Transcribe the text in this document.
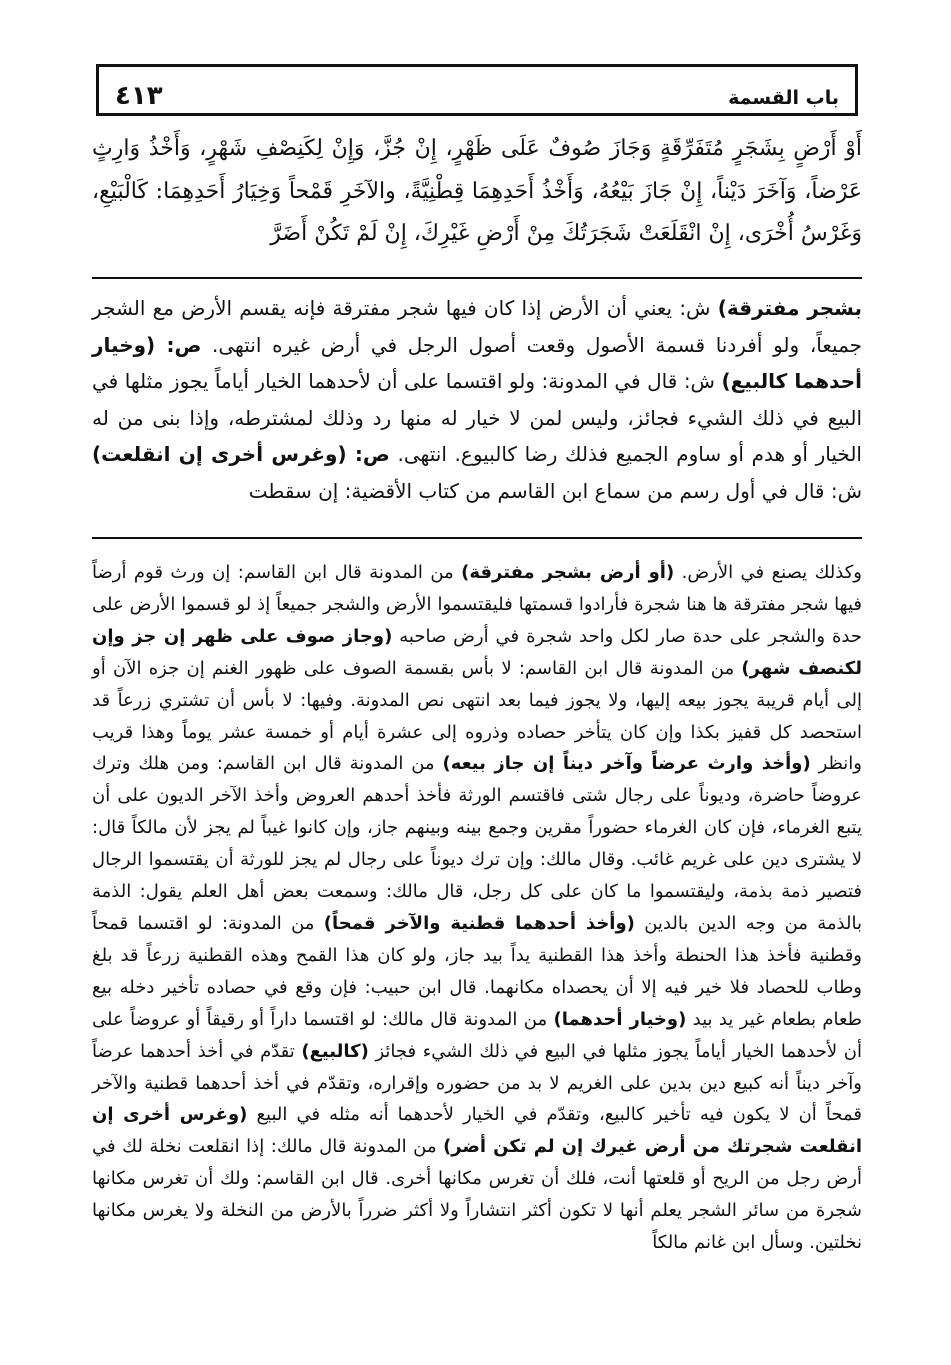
باب القسمة
٤١٣

أَوْ أَرْضٍ بِشَجَرٍ مُتَفَرِّقَةٍ وَجَازَ صُوفٌ عَلَى ظَهْرٍ، إِنْ جُزَّ، وَإِنْ لِكَنِصْفِ شَهْرٍ، وَأَخْذُ وَارِثٍ عَرْضاً، وَآخَرَ دَيْناً، إِنْ جَازَ بَيْعُهُ، وَأَخْذُ أَحَدِهِمَا قِطْنِيَّةً، والآخَرِ قَمْحاً وَخِيَارُ أَحَدِهِمَا: كَالْبَيْعِ، وَغَرْسُ أُخْرَى، إِنْ انْقَلَعَتْ شَجَرَتُكَ مِنْ أَرْضِ غَيْرِكَ، إِنْ لَمْ تَكُنْ أَضَرَّ

بشجر مفترقة) ش: يعني أن الأرض إذا كان فيها شجر مفترقة فإنه يقسم الأرض مع الشجر جميعاً، ولو أفردنا قسمة الأصول وقعت أصول الرجل في أرض غيره انتهى. ص: (وخيار أحدهما كالبيع) ش: قال في المدونة: ولو اقتسما على أن لأحدهما الخيار أياماً يجوز مثلها في البيع في ذلك الشيء فجائز، وليس لمن لا خيار له منها رد وذلك لمشترطه، وإذا بنى من له الخيار أو هدم أو ساوم الجميع فذلك رضا كالبيوع. انتهى. ص: (وغرس أخرى إن انقلعت) ش: قال في أول رسم من سماع ابن القاسم من كتاب الأقضية: إن سقطت

وكذلك يصنع في الأرض. (أو أرض بشجر مفترقة) من المدونة قال ابن القاسم: إن ورث قوم أرضاً فيها شجر مفترقة ها هنا شجرة فأرادوا قسمتها فليقتسموا الأرض والشجر جميعاً إذ لو قسموا الأرض على حدة والشجر على حدة صار لكل واحد شجرة في أرض صاحبه (وجاز صوف على ظهر إن جز وإن لكنصف شهر) من المدونة قال ابن القاسم: لا بأس بقسمة الصوف على ظهور الغنم إن جزه الآن أو إلى أيام قريبة يجوز بيعه إليها، ولا يجوز فيما بعد انتهى نص المدونة. وفيها: لا بأس أن تشتري زرعاً قد استحصد كل قفيز بكذا وإن كان يتأخر حصاده وذروه إلى عشرة أيام أو خمسة عشر يوماً وهذا قريب وانظر (وأخذ وارث عرضاً وآخر ديناً إن جاز بيعه) من المدونة قال ابن القاسم: ومن هلك وترك عروضاً حاضرة، وديوناً على رجال شتى فاقتسم الورثة فأخذ أحدهم العروض وأخذ الآخر الديون على أن يتبع الغرماء، فإن كان الغرماء حضوراً مقرين وجمع بينه وبينهم جاز، وإن كانوا غيباً لم يجز لأن مالكاً قال: لا يشترى دين على غريم غائب. وقال مالك: وإن ترك ديوناً على رجال لم يجز للورثة أن يقتسموا الرجال فتصير ذمة بذمة، وليقتسموا ما كان على كل رجل، قال مالك: وسمعت بعض أهل العلم يقول: الذمة بالذمة من وجه الدين بالدين (وأخذ أحدهما قطنية والآخر قمحاً) من المدونة: لو اقتسما قمحاً وقطنية فأخذ هذا الحنطة وأخذ هذا القطنية يداً بيد جاز، ولو كان هذا القمح وهذه القطنية زرعاً قد بلغ وطاب للحصاد فلا خير فيه إلا أن يحصداه مكانهما. قال ابن حبيب: فإن وقع في حصاده تأخير دخله بيع طعام بطعام غير يد بيد (وخيار أحدهما) من المدونة قال مالك: لو اقتسما داراً أو رقيقاً أو عروضاً على أن لأحدهما الخيار أياماً يجوز مثلها في البيع في ذلك الشيء فجائز (كالبيع) تقدّم في أخذ أحدهما عرضاً وآخر ديناً أنه كبيع دين بدين على الغريم لا بد من حضوره وإقراره، وتقدّم في أخذ أحدهما قطنية والآخر قمحاً أن لا يكون فيه تأخير كالبيع، وتقدّم في الخيار لأحدهما أنه مثله في البيع (وغرس أخرى إن انقلعت شجرتك من أرض غيرك إن لم تكن أضر) من المدونة قال مالك: إذا انقلعت نخلة لك في أرض رجل من الريح أو قلعتها أنت، فلك أن تغرس مكانها أخرى. قال ابن القاسم: ولك أن تغرس مكانها شجرة من سائر الشجر يعلم أنها لا تكون أكثر انتشاراً ولا أكثر ضرراً بالأرض من النخلة ولا يغرس مكانها نخلتين. وسأل ابن غانم مالكاً
